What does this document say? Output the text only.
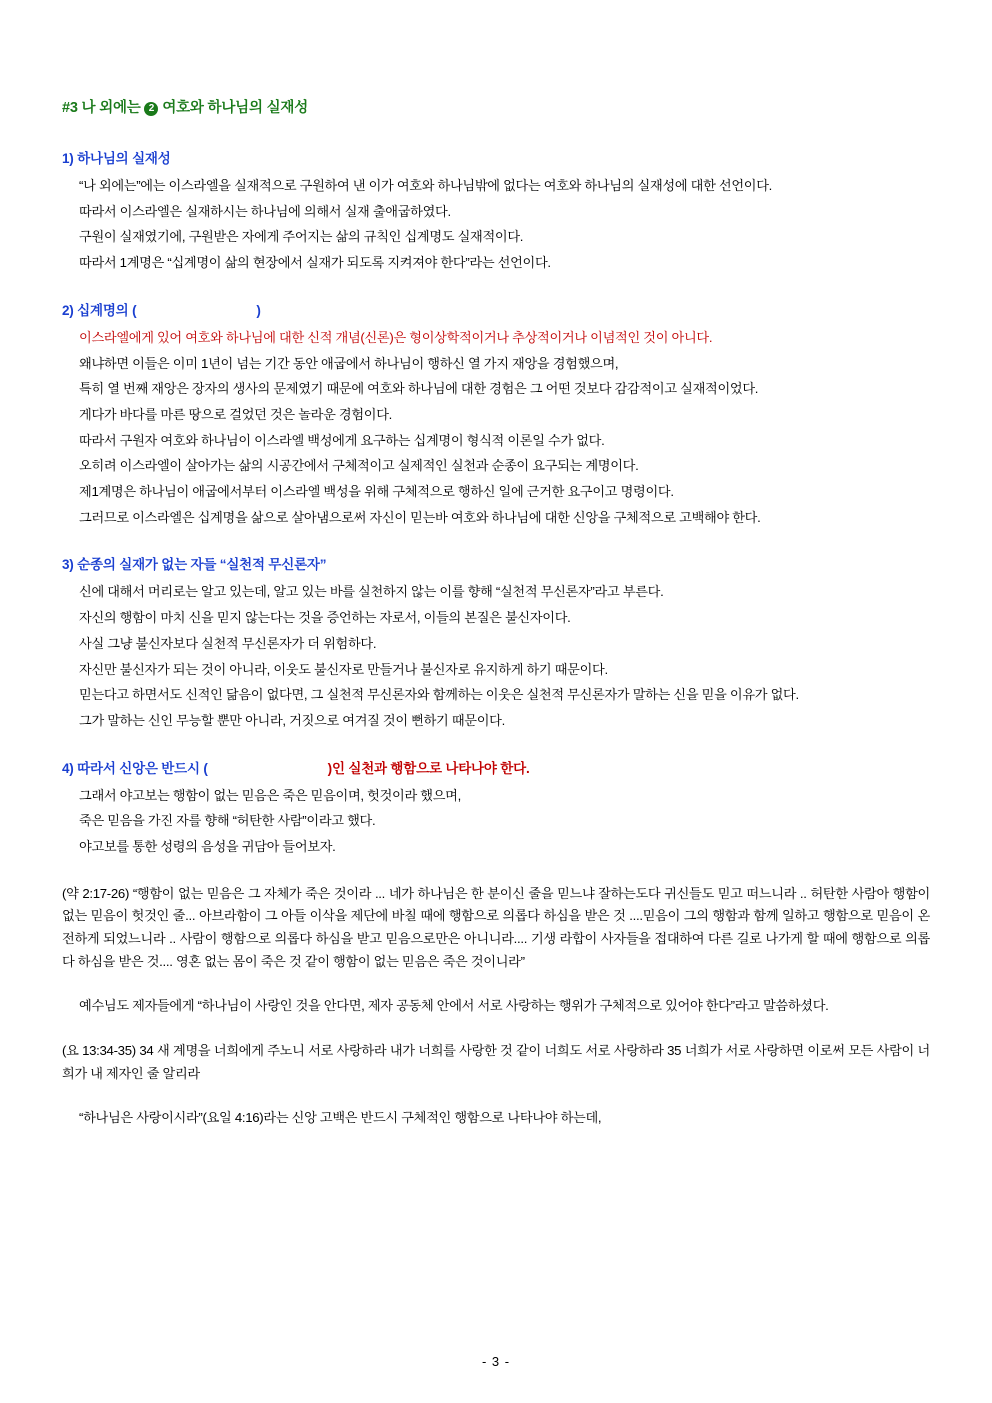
#3 나 외에는 2 여호와 하나님의 실재성
1) 하나님의 실재성

“나 외에는”에는 이스라엘을 실재적으로 구원하여 낸 이가 여호와 하나님밖에 없다는 여호와 하나님의 실재성에 대한 선언이다.

따라서 이스라엘은 실재하시는 하나님에 의해서 실재 출애굽하였다.

구원이 실재였기에, 구원받은 자에게 주어지는 삶의 규칙인 십계명도 실재적이다.

따라서 1계명은 “십계명이 삶의 현장에서 실재가 되도록 지켜져야 한다”라는 선언이다.

2) 십계명의 (	)

이스라엘에게 있어 여호와 하나님에 대한 신적 개념(신론)은 형이상학적이거나 추상적이거나 이념적인 것이 아니다.

왜냐하면 이들은 이미 1년이 넘는 기간 동안 애굽에서 하나님이 행하신 열 가지 재앙을 경험했으며,

특히 열 번째 재앙은 장자의 생사의 문제였기 때문에 여호와 하나님에 대한 경험은 그 어떤 것보다 감감적이고 실재적이었다.

게다가 바다를 마른 땅으로 걸었던 것은 놀라운 경험이다.

따라서 구원자 여호와 하나님이 이스라엘 백성에게 요구하는 십계명이 형식적 이론일 수가 없다.

오히려 이스라엘이 살아가는 삶의 시공간에서 구체적이고 실제적인 실천과 순종이 요구되는 계명이다.

제1계명은 하나님이 애굽에서부터 이스라엘 백성을 위해 구체적으로 행하신 일에 근거한 요구이고 명령이다.

그러므로 이스라엘은 십계명을 삶으로 살아냄으로써 자신이 믿는바 여호와 하나님에 대한 신앙을 구체적으로 고백해야 한다.

3) 순종의 실재가 없는 자들 “실천적 무신론자”

신에 대해서 머리로는 알고 있는데, 알고 있는 바를 실천하지 않는 이를 향해 “실천적 무신론자”라고 부른다.

자신의 행함이 마치 신을 믿지 않는다는 것을 증언하는 자로서, 이들의 본질은 불신자이다.

사실 그냥 불신자보다 실천적 무신론자가 더 위험하다.

자신만 불신자가 되는 것이 아니라, 이웃도 불신자로 만들거나 불신자로 유지하게 하기 때문이다.

믿는다고 하면서도 신적인 닮음이 없다면, 그 실천적 무신론자와 함께하는 이웃은 실천적 무신론자가 말하는 신을 믿을 이유가 없다.

그가 말하는 신인 무능할 뿐만 아니라, 거짓으로 여겨질 것이 뻔하기 때문이다.

4) 따라서 신앙은 반드시 (	)인 실천과 행함으로 나타나야 한다.

그래서 야고보는 행함이 없는 믿음은 죽은 믿음이며, 헛것이라 했으며,

죽은 믿음을 가진 자를 향해 “허탄한 사람”이라고 했다.

야고보를 통한 성령의 음성을 귀담아 들어보자.

(약 2:17-26) “행함이 없는 믿음은 그 자체가 죽은 것이라 ... 네가 하나님은 한 분이신 줄을 믿느냐 잘하는도다 귀신들도 믿고 떠느니라 .. 허탄한 사람아 행함이 없는 믿음이 헛것인 줄... 아브라함이 그 아들 이삭을 제단에 바칠 때에 행함으로 의롭다 하심을 받은 것 ....믿음이 그의 행함과 함께 일하고 행함으로 믿음이 온전하게 되었느니라 .. 사람이 행함으로 의롭다 하심을 받고 믿음으로만은 아니니라.... 기생 라합이 사자들을 접대하여 다른 길로 나가게 할 때에 행함으로 의롭다 하심을 받은 것.... 영혼 없는 몸이 죽은 것 같이 행함이 없는 믿음은 죽은 것이니라”

예수님도 제자들에게 “하나님이 사랑인 것을 안다면, 제자 공동체 안에서 서로 사랑하는 행위가 구체적으로 있어야 한다”라고 말씀하셨다.

(요 13:34-35) 34 새 계명을 너희에게 주노니 서로 사랑하라 내가 너희를 사랑한 것 같이 너희도 서로 사랑하라 35 너희가 서로 사랑하면 이로써 모든 사람이 너희가 내 제자인 줄 알리라

“하나님은 사랑이시라”(요일 4:16)라는 신앙 고백은 반드시 구체적인 행함으로 나타나야 하는데,

- 3 -
